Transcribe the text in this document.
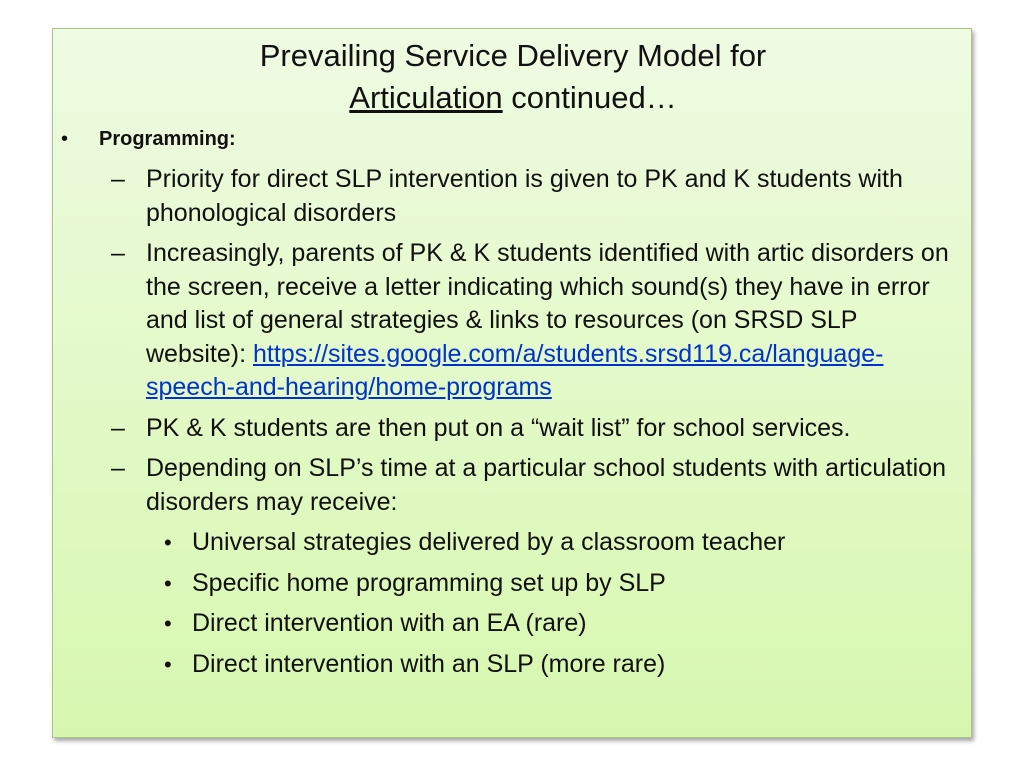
Prevailing Service Delivery Model for
Articulation continued…
• Programming:
– Priority for direct SLP intervention is given to PK and K students with phonological disorders
– Increasingly, parents of PK & K students identified with artic disorders on the screen, receive a letter indicating which sound(s) they have in error and list of general strategies & links to resources (on SRSD SLP website): https://sites.google.com/a/students.srsd119.ca/language-speech-and-hearing/home-programs
– PK & K students are then put on a “wait list” for school services.
– Depending on SLP’s time at a particular school students with articulation disorders may receive:
• Universal strategies delivered by a classroom teacher
• Specific home programming set up by SLP
• Direct intervention with an EA (rare)
• Direct intervention with an SLP (more rare)
